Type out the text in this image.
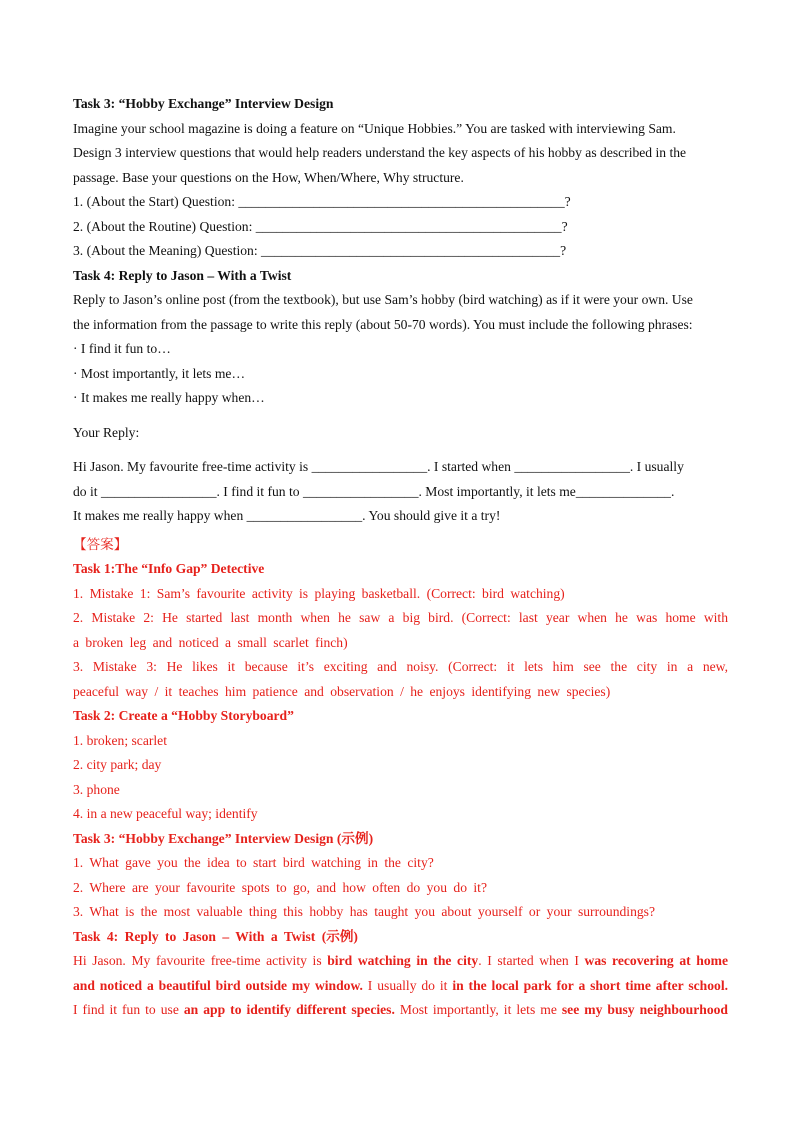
Task 3: “Hobby Exchange” Interview Design
Imagine your school magazine is doing a feature on “Unique Hobbies.” You are tasked with interviewing Sam.
Design 3 interview questions that would help readers understand the key aspects of his hobby as described in the
passage. Base your questions on the How, When/Where, Why structure.
1. (About the Start) Question: ________________________________________________?
2. (About the Routine) Question: _____________________________________________?
3. (About the Meaning) Question: ____________________________________________?
Task 4: Reply to Jason – With a Twist
Reply to Jason’s online post (from the textbook), but use Sam’s hobby (bird watching) as if it were your own. Use
the information from the passage to write this reply (about 50-70 words). You must include the following phrases:
· I find it fun to…
· Most importantly, it lets me…
· It makes me really happy when…
Your Reply:
Hi Jason. My favourite free-time activity is _________________. I started when _________________. I usually
do it _________________. I find it fun to _________________. Most importantly, it lets me______________.
It makes me really happy when _________________. You should give it a try!
【答案】
Task 1:The “Info Gap” Detective
1. Mistake 1: Sam’s favourite activity is playing basketball. (Correct: bird watching)
2. Mistake 2: He started last month when he saw a big bird. (Correct: last year when he was home with
a broken leg and noticed a small scarlet finch)
3. Mistake 3: He likes it because it’s exciting and noisy. (Correct: it lets him see the city in a new,
peaceful way / it teaches him patience and observation / he enjoys identifying new species)
Task 2: Create a “Hobby Storyboard”
1. broken; scarlet
2. city park; day
3. phone
4. in a new peaceful way; identify
Task 3: “Hobby Exchange” Interview Design (示例)
1. What gave you the idea to start bird watching in the city?
2. Where are your favourite spots to go, and how often do you do it?
3. What is the most valuable thing this hobby has taught you about yourself or your surroundings?
Task 4: Reply to Jason – With a Twist (示例)
Hi Jason. My favourite free-time activity is bird watching in the city. I started when I was recovering at home
and noticed a beautiful bird outside my window. I usually do it in the local park for a short time after school.
I find it fun to use an app to identify different species. Most importantly, it lets me see my busy neighbourhood
